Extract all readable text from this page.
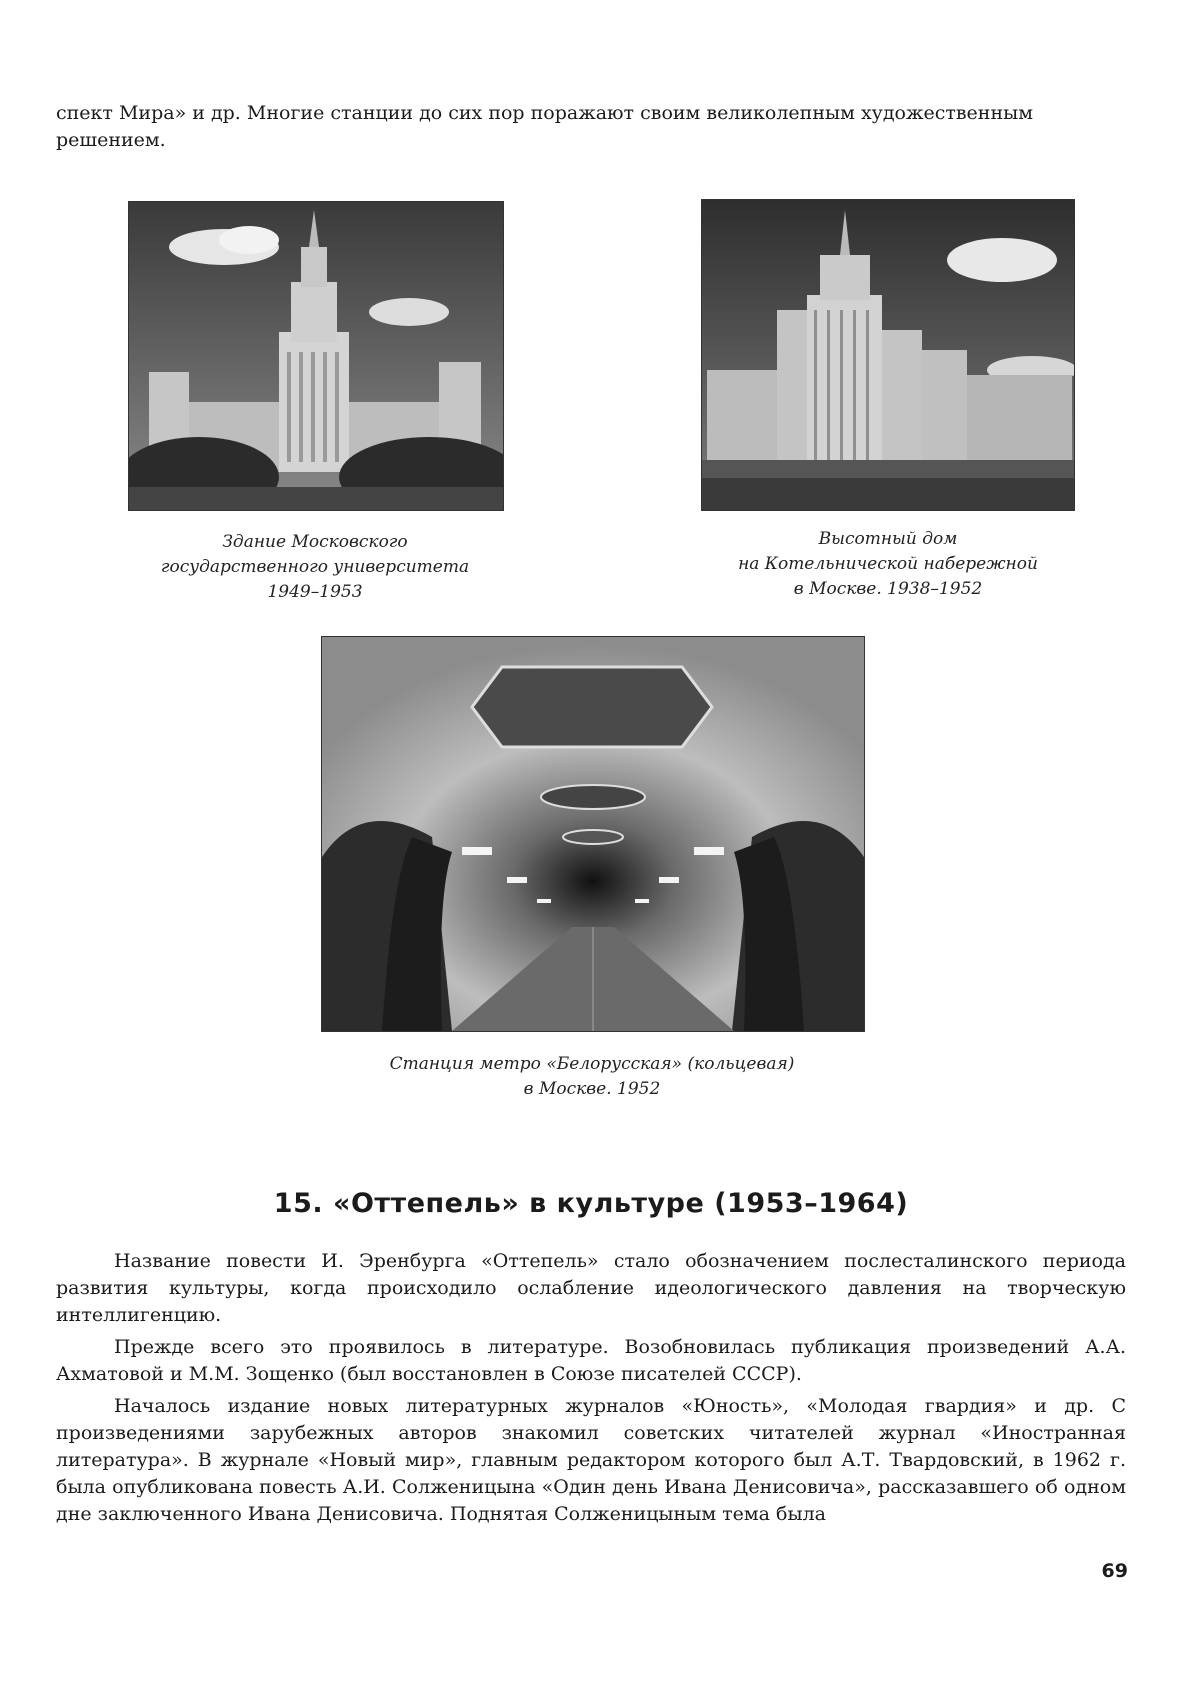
спект Мира» и др. Многие станции до сих пор поражают своим великолепным художественным
решением.
Здание Московского
государственного университета
1949–1953
Высотный дом
на Котельнической набережной
в Москве. 1938–1952
Станция метро «Белорусская» (кольцевая)
в Москве. 1952
15. «Оттепель» в культуре (1953–1964)

Название повести И. Эренбурга «Оттепель» стало обозначением послесталинского периода развития культуры, когда происходило ослабление идеологического давления на творческую интеллигенцию.

Прежде всего это проявилось в литературе. Возобновилась публикация произведений А.А. Ахматовой и М.М. Зощенко (был восстановлен в Союзе писателей СССР).

Началось издание новых литературных журналов «Юность», «Молодая гвардия» и др. С произведениями зарубежных авторов знакомил советских читателей журнал «Иностранная литература». В журнале «Новый мир», главным редактором которого был А.Т. Твардовский, в 1962 г. была опубликована повесть А.И. Солженицына «Один день Ивана Денисовича», рассказавшего об одном дне заключенного Ивана Денисовича. Поднятая Солженицыным тема была

69
